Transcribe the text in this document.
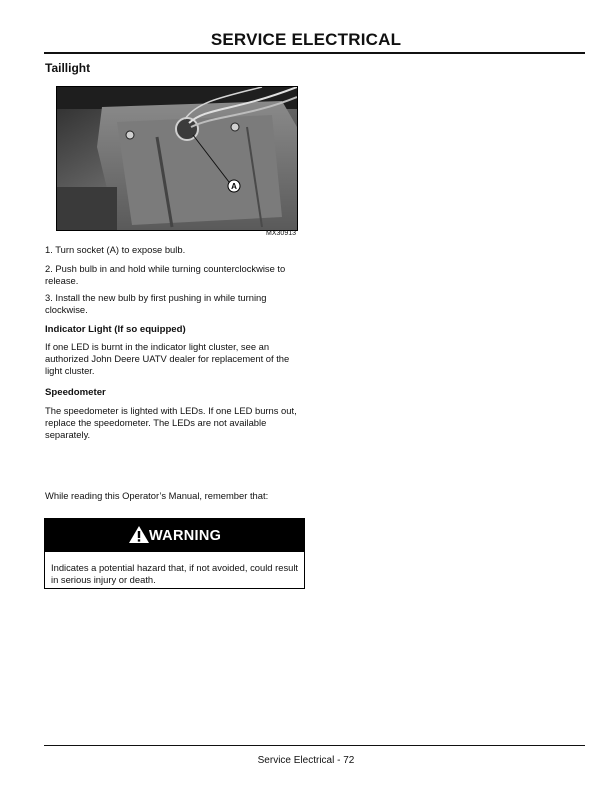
SERVICE ELECTRICAL
Taillight
A
MX30913
1. Turn socket (A) to expose bulb.
2. Push bulb in and hold while turning counterclockwise to release.
3. Install the new bulb by first pushing in while turning clockwise.
Indicator Light (If so equipped)
If one LED is burnt in the indicator light cluster, see an authorized John Deere UATV dealer for replacement of the light cluster.
Speedometer
The speedometer is lighted with LEDs. If one LED burns out, replace the speedometer. The LEDs are not available separately.
While reading this Operator’s Manual, remember that:
WARNING
Indicates a potential hazard that, if not avoided, could result in serious injury or death.
Service Electrical - 72
